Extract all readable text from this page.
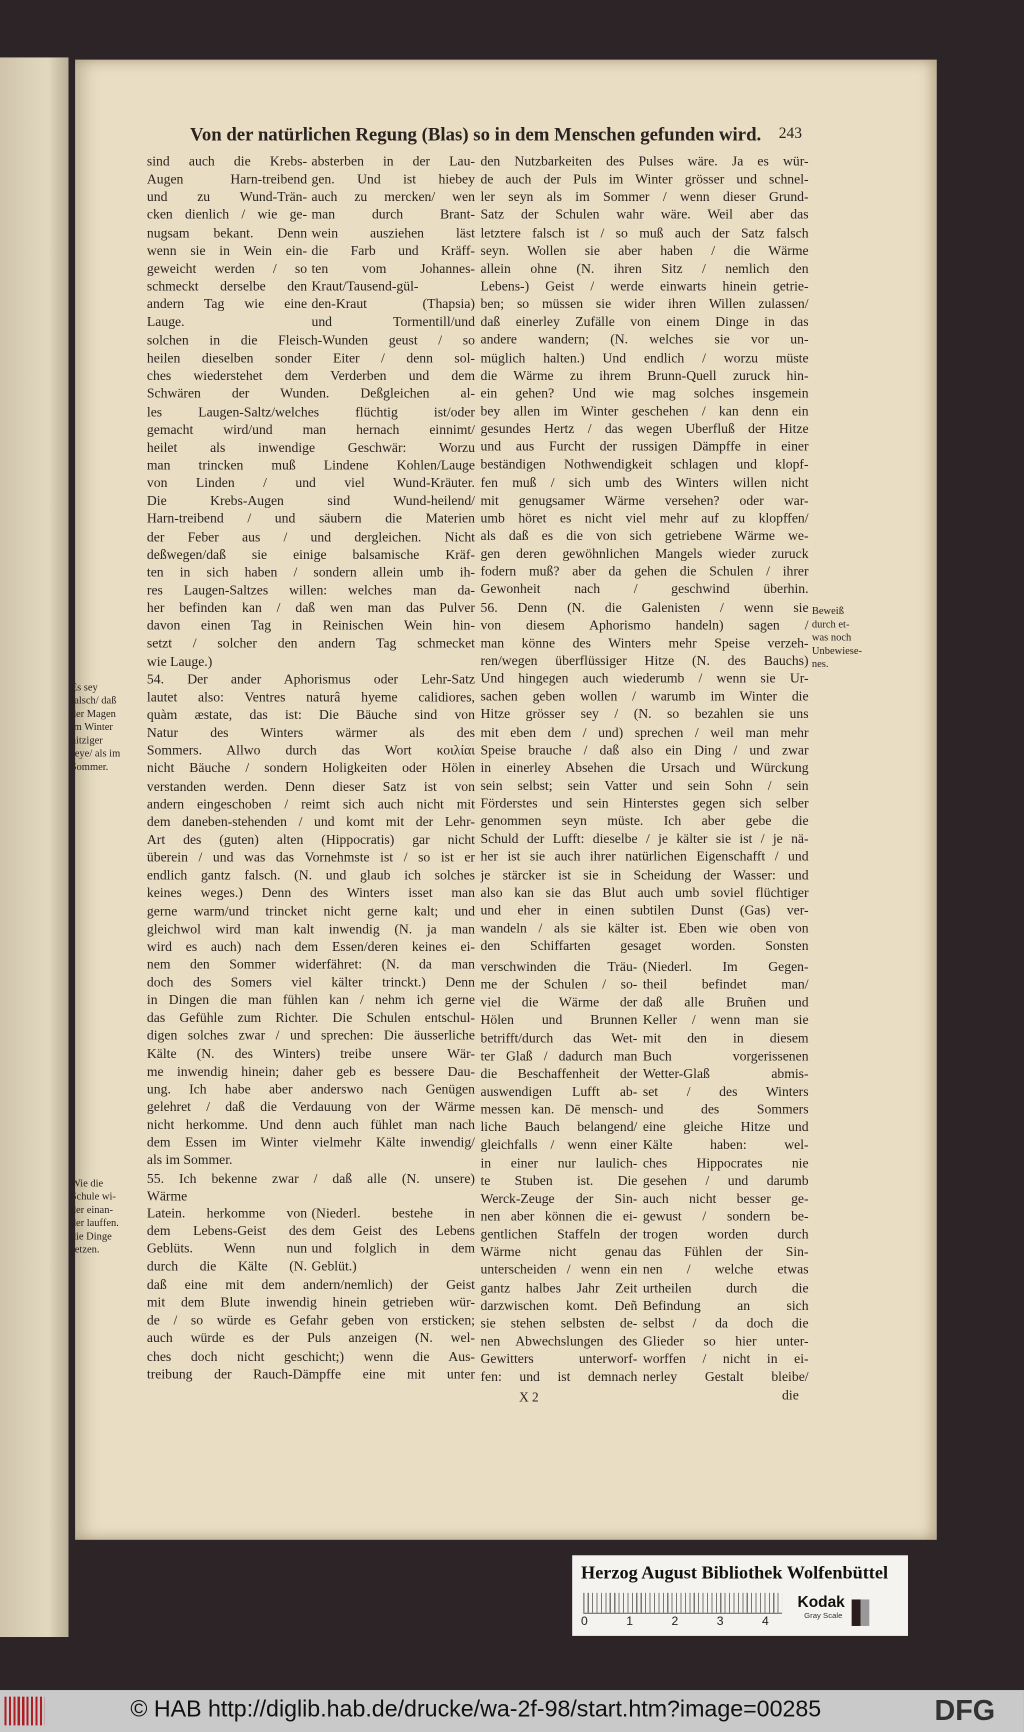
Von der natürlichen Regung (Blas) so in dem Menschen gefunden wird.	243
sind auch die Krebs-
Augen Harn-treibend
und zu Wund-Trän-
cken dienlich / wie ge-
nugsam bekant. Denn
wenn sie in Wein ein-
geweicht werden / so
schmeckt derselbe den
andern Tag wie eine
Lauge.
absterben in der Lau-
gen. Und ist hiebey
auch zu mercken/ wen
man durch Brant-
wein ausziehen läst
die Farb und Kräff-
ten vom Johannes-
Kraut/Tausend-gül-
den-Kraut (Thapsia)
und Tormentill/und
solchen in die Fleisch-Wunden geust / so
heilen dieselben sonder Eiter / denn sol-
ches wiederstehet dem Verderben und dem
Schwären der Wunden. Deßgleichen al-
les Laugen-Saltz/welches flüchtig ist/oder
gemacht wird/und man hernach einnimt/
heilet als inwendige Geschwär: Worzu
man trincken muß Lindene Kohlen/Lauge
von Linden / und viel Wund-Kräuter.
Die Krebs-Augen sind Wund-heilend/
Harn-treibend / und säubern die Materien
der Feber aus / und dergleichen. Nicht
deßwegen/daß sie einige balsamische Kräf-
ten in sich haben / sondern allein umb ih-
res Laugen-Saltzes willen: welches man da-
her befinden kan / daß wen man das Pulver
davon einen Tag in Reinischen Wein hin-
setzt / solcher den andern Tag schmecket
wie Lauge.)
54. Der ander Aphorismus oder Lehr-Satz
lautet also: Ventres naturâ hyeme calidiores,
quàm æstate, das ist: Die Bäuche sind von
Natur des Winters wärmer als des
Sommers. Allwo durch das Wort κοιλίαι
nicht Bäuche / sondern Holigkeiten oder Hölen
verstanden werden. Denn dieser Satz ist von
andern eingeschoben / reimt sich auch nicht mit
dem daneben-stehenden / und komt mit der Lehr-
Art des (guten) alten (Hippocratis) gar nicht
überein / und was das Vornehmste ist / so ist er
endlich gantz falsch. (N. und glaub ich solches
keines weges.) Denn des Winters isset man
gerne warm/und trincket nicht gerne kalt; und
gleichwol wird man kalt inwendig (N. ja man
wird es auch) nach dem Essen/deren keines ei-
nem den Sommer widerfähret: (N. da man
doch des Somers viel kälter trinckt.) Denn
in Dingen die man fühlen kan / nehm ich gerne
das Gefühle zum Richter. Die Schulen entschul-
digen solches zwar / und sprechen: Die äusserliche
Kälte (N. des Winters) treibe unsere Wär-
me inwendig hinein; daher geb es bessere Dau-
ung. Ich habe aber anderswo nach Genügen
gelehret / daß die Verdauung von der Wärme
nicht herkomme. Und denn auch fühlet man nach
dem Essen im Winter vielmehr Kälte inwendig/
als im Sommer.
55. Ich bekenne zwar / daß alle (N. unsere)
Wärme
Latein. herkomme von
dem Lebens-Geist des
Geblüts. Wenn nun
durch die Kälte (N.
(Niederl. bestehe in
dem Geist des Lebens
und folglich in dem
Geblüt.)
daß eine mit dem andern/nemlich) der Geist
mit dem Blute inwendig hinein getrieben wür-
de / so würde es Gefahr geben von ersticken;
auch würde es der Puls anzeigen (N. wel-
ches doch nicht geschicht;) wenn die Aus-
treibung der Rauch-Dämpffe eine mit unter
den Nutzbarkeiten des Pulses wäre. Ja es wür-
de auch der Puls im Winter grösser und schnel-
ler seyn als im Sommer / wenn dieser Grund-
Satz der Schulen wahr wäre. Weil aber das
letztere falsch ist / so muß auch der Satz falsch
seyn. Wollen sie aber haben / die Wärme
allein ohne (N. ihren Sitz / nemlich den
Lebens-) Geist / werde einwarts hinein getrie-
ben; so müssen sie wider ihren Willen zulassen/
daß einerley Zufälle von einem Dinge in das
andere wandern; (N. welches sie vor un-
müglich halten.) Und endlich / worzu müste
die Wärme zu ihrem Brunn-Quell zuruck hin-
ein gehen? Und wie mag solches insgemein
bey allen im Winter geschehen / kan denn ein
gesundes Hertz / das wegen Uberfluß der Hitze
und aus Furcht der russigen Dämpffe in einer
beständigen Nothwendigkeit schlagen und klopf-
fen muß / sich umb des Winters willen nicht
mit genugsamer Wärme versehen? oder war-
umb höret es nicht viel mehr auf zu klopffen/
als daß es die von sich getriebene Wärme we-
gen deren gewöhnlichen Mangels wieder zuruck
fodern muß? aber da gehen die Schulen / ihrer
Gewonheit nach / geschwind überhin.
56. Denn (N. die Galenisten / wenn sie
von diesem Aphorismo handeln) sagen /
man könne des Winters mehr Speise verzeh-
ren/wegen überflüssiger Hitze (N. des Bauchs)
Und hingegen auch wiederumb / wenn sie Ur-
sachen geben wollen / warumb im Winter die
Hitze grösser sey / (N. so bezahlen sie uns
mit eben dem / und) sprechen / weil man mehr
Speise brauche / daß also ein Ding / und zwar
in einerley Absehen die Ursach und Würckung
sein selbst; sein Vatter und sein Sohn / sein
Förderstes und sein Hinterstes gegen sich selber
genommen seyn müste. Ich aber gebe die
Schuld der Lufft: dieselbe / je kälter sie ist / je nä-
her ist sie auch ihrer natürlichen Eigenschafft / und
je stärcker ist sie in Scheidung der Wasser: und
also kan sie das Blut auch umb soviel flüchtiger
und eher in einen subtilen Dunst (Gas) ver-
wandeln / als sie kälter ist. Eben wie oben von
den Schiffarten gesaget worden. Sonsten
verschwinden die Träu-
me der Schulen / so-
viel die Wärme der
Hölen und Brunnen
betrifft/durch das Wet-
ter Glaß / dadurch man
die Beschaffenheit der
auswendigen Lufft ab-
messen kan. Dē mensch-
liche Bauch belangend/
gleichfalls / wenn einer
in einer nur laulich-
te Stuben ist. Die
Werck-Zeuge der Sin-
nen aber können die ei-
gentlichen Staffeln der
Wärme nicht genau
unterscheiden / wenn ein
gantz halbes Jahr Zeit
darzwischen komt. Deñ
sie stehen selbsten de-
nen Abwechslungen des
Gewitters unterworf-
fen: und ist demnach
(Niederl. Im Gegen-
theil befindet man/
daß alle Bruñen und
Keller / wenn man sie
mit den in diesem
Buch vorgerissenen
Wetter-Glaß abmis-
set / des Winters
und des Sommers
eine gleiche Hitze und
Kälte haben: wel-
ches Hippocrates nie
gesehen / und darumb
auch nicht besser ge-
gewust / sondern be-
trogen worden durch
das Fühlen der Sin-
nen / welche etwas
urtheilen durch die
Befindung an sich
selbst / da doch die
Glieder so hier unter-
worffen / nicht in ei-
nerley Gestalt bleibe/
Beweiß
durch et-
was noch
Unbewiese-
nes.
Es sey
falsch/ daß
der Magen
im Winter
hitziger
seye/ als im
Sommer.
Wie die
Schule wi-
der einan-
der lauffen.
die Dinge
setzen.
X 2	die
Herzog August Bibliothek Wolfenbüttel
0	1	2	3	4
Kodak
Gray Scale
© HAB http://diglib.hab.de/drucke/wa-2f-98/start.htm?image=00285	DFG
